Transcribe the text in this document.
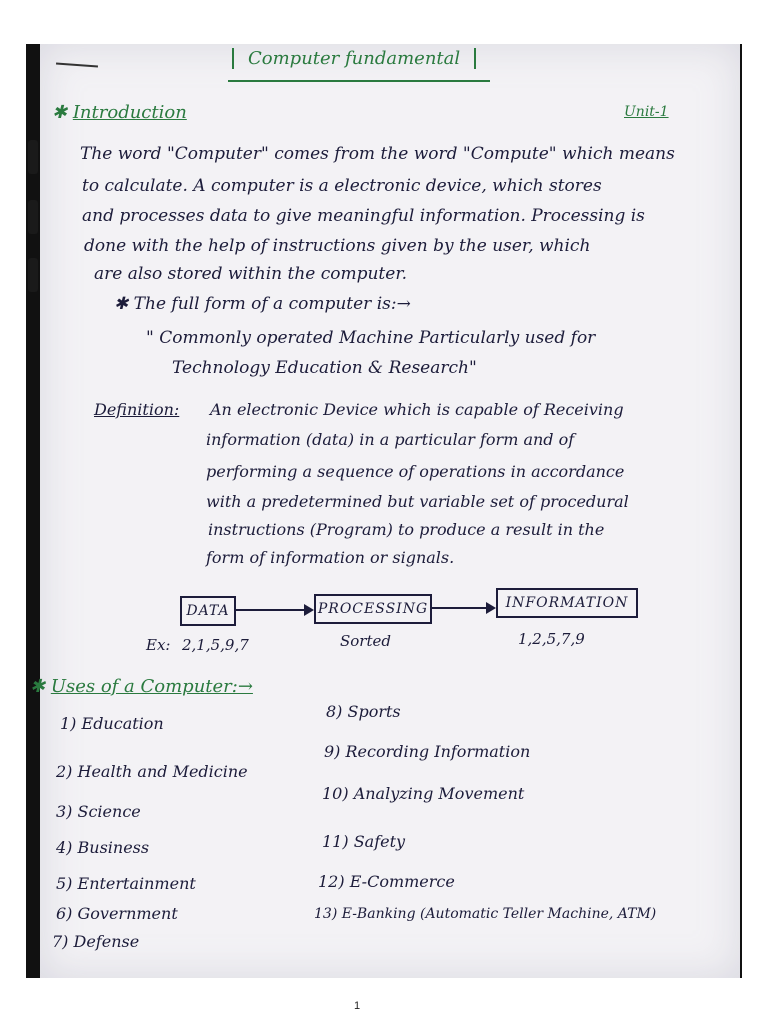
Computer fundamental
✱ Introduction	Unit-1
The word "Computer" comes from the word "Compute" which means
to calculate. A computer is a electronic device, which stores
and processes data to give meaningful information. Processing is
done with the help of instructions given by the user, which
are also stored within the computer.
✱ The full form of a computer is:→
" Commonly operated Machine Particularly used for
Technology Education & Research"
Definition: An electronic Device which is capable of Receiving
information (data) in a particular form and of
performing a sequence of operations in accordance
with a predetermined but variable set of procedural
instructions (Program) to produce a result in the
form of information or signals.
DATA	PROCESSING	INFORMATION
Ex: 2,1,5,9,7	Sorted	1,2,5,7,9
✱ Uses of a Computer:→
1) Education
2) Health and Medicine
3) Science
4) Business
5) Entertainment
6) Government
7) Defense
8) Sports
9) Recording Information
10) Analyzing Movement
11) Safety
12) E-Commerce
13) E-Banking (Automatic Teller Machine, ATM)
1
